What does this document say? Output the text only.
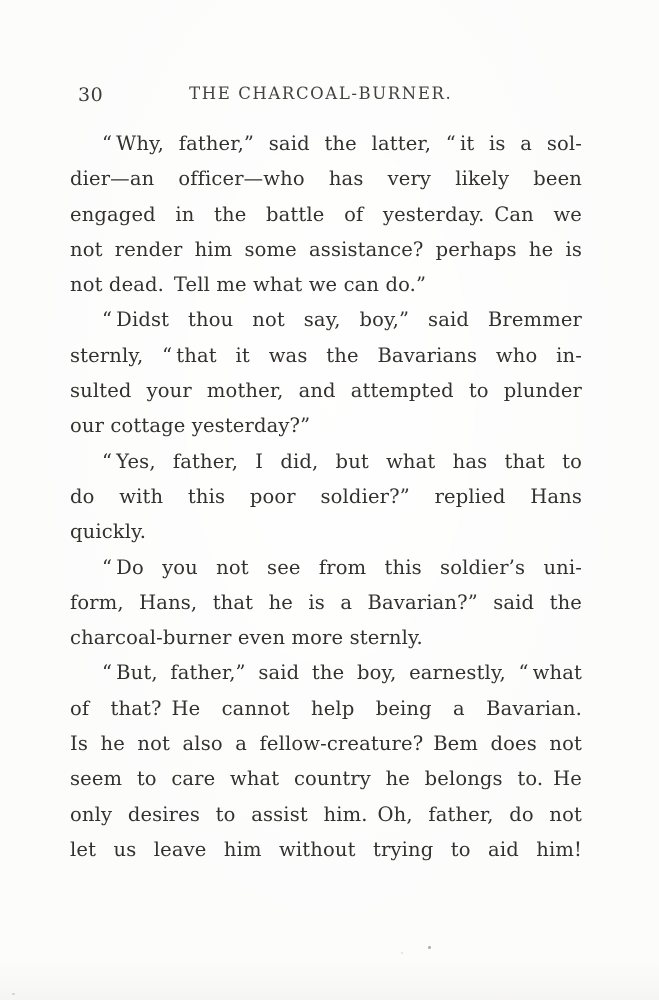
30	THE CHARCOAL-BURNER.
“ Why, father,” said the latter, “ it is a sol-
dier—an officer—who has very likely been
engaged in the battle of yesterday. Can we
not render him some assistance? perhaps he is
not dead. Tell me what we can do.”
“ Didst thou not say, boy,” said Bremmer
sternly, “ that it was the Bavarians who in-
sulted your mother, and attempted to plunder
our cottage yesterday?”
“ Yes, father, I did, but what has that to
do with this poor soldier?” replied Hans
quickly.
“ Do you not see from this soldier’s uni-
form, Hans, that he is a Bavarian?” said the
charcoal-burner even more sternly.
“ But, father,” said the boy, earnestly, “ what
of that? He cannot help being a Bavarian.
Is he not also a fellow-creature? Bem does not
seem to care what country he belongs to. He
only desires to assist him. Oh, father, do not
let us leave him without trying to aid him!
